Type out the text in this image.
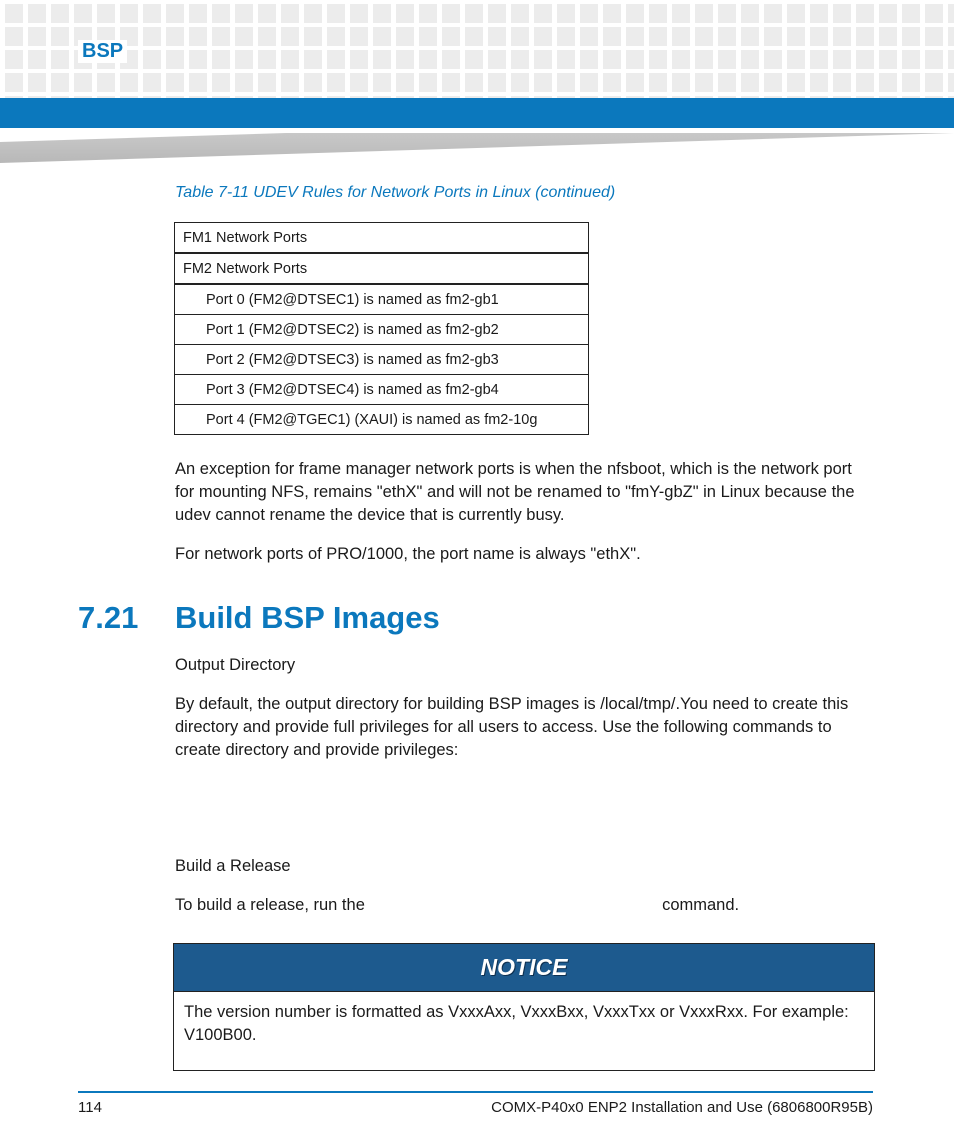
BSP
Table 7-11 UDEV Rules for Network Ports in Linux (continued)
FM1 Network Ports
FM2 Network Ports
Port 0 (FM2@DTSEC1) is named as fm2-gb1
Port 1 (FM2@DTSEC2) is named as fm2-gb2
Port 2 (FM2@DTSEC3) is named as fm2-gb3
Port 3 (FM2@DTSEC4) is named as fm2-gb4
Port 4 (FM2@TGEC1) (XAUI) is named as fm2-10g
An exception for frame manager network ports is when the nfsboot, which is the network port for mounting NFS, remains "ethX" and will not be renamed to "fmY-gbZ" in Linux because the udev cannot rename the device that is currently busy.
For network ports of PRO/1000, the port name is always "ethX".
7.21 Build BSP Images
Output Directory
By default, the output directory for building BSP images is /local/tmp/.You need to create this directory and provide full privileges for all users to access. Use the following commands to create directory and provide privileges:
Build a Release
To build a release, run the	command.
NOTICE
The version number is formatted as VxxxAxx, VxxxBxx, VxxxTxx or VxxxRxx. For example: V100B00.
114	COMX-P40x0 ENP2 Installation and Use (6806800R95B)
